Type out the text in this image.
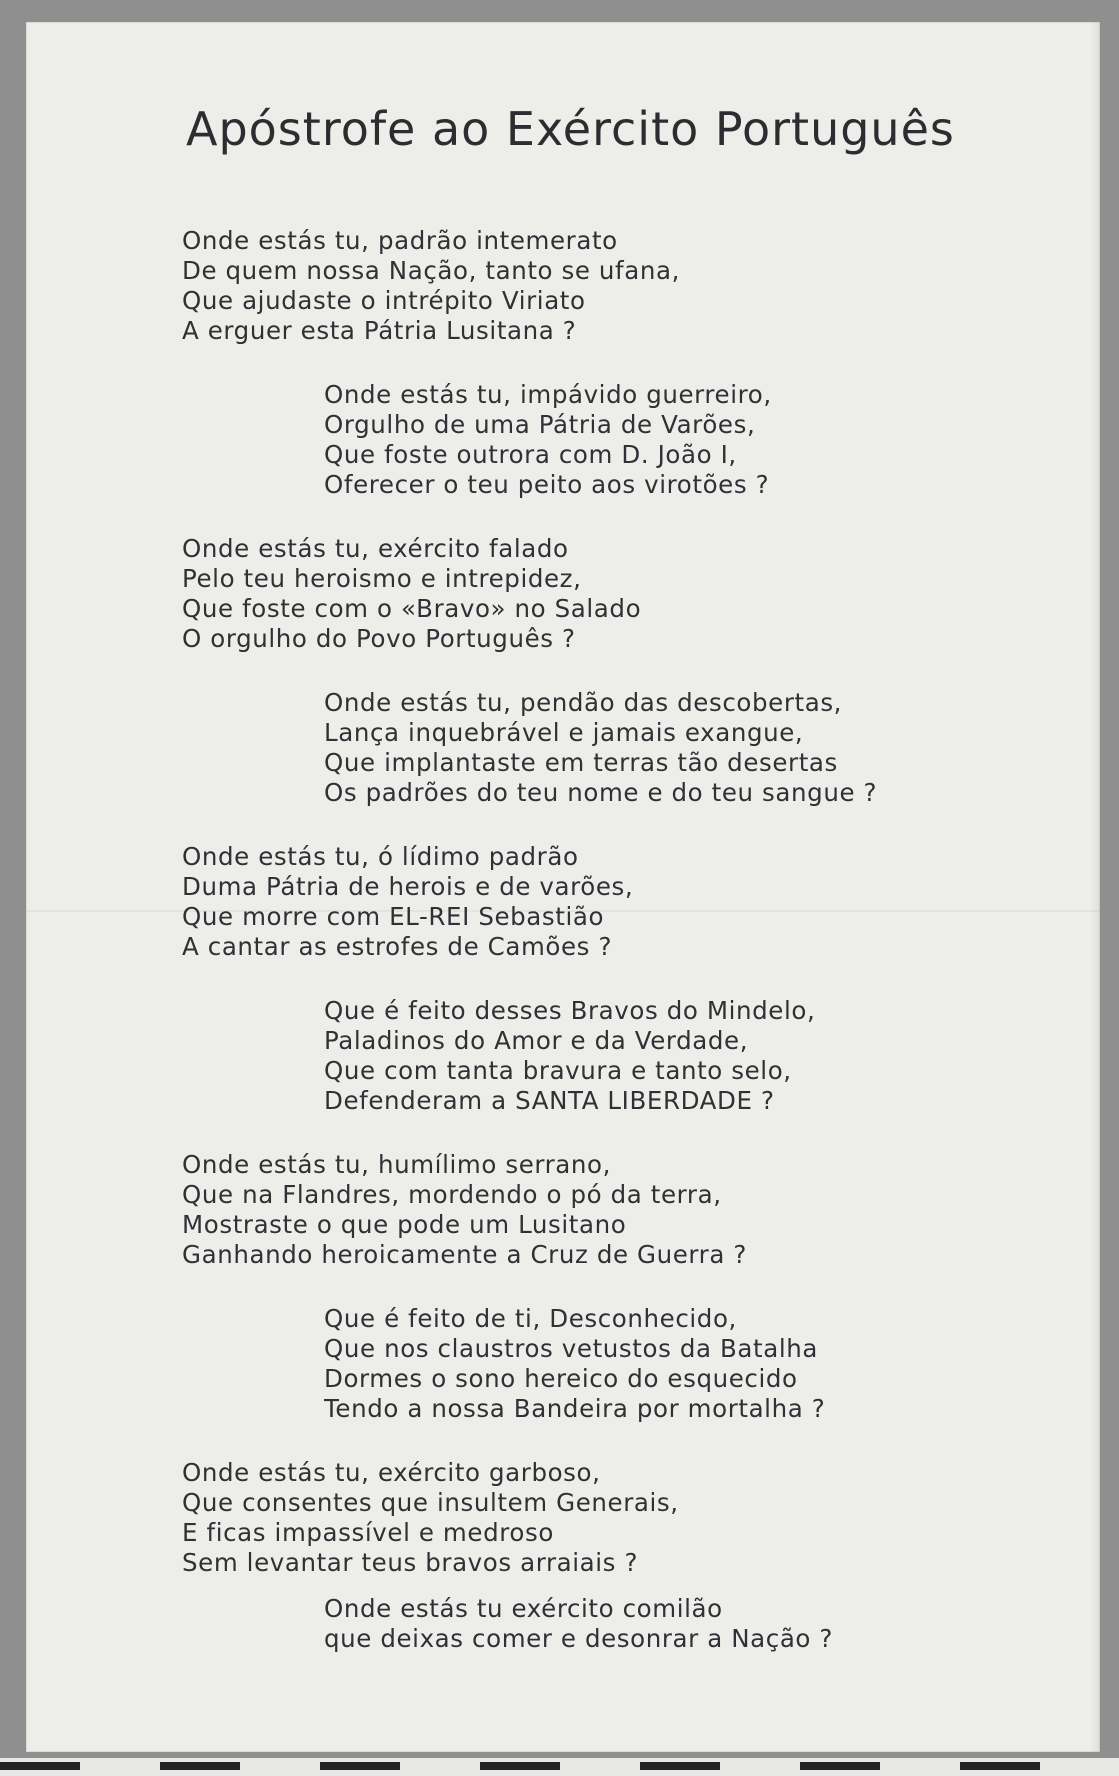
Apóstrofe ao Exército Português

Onde estás tu, padrão intemerato
De quem nossa Nação, tanto se ufana,
Que ajudaste o intrépito Viriato
A erguer esta Pátria Lusitana ?

Onde estás tu, impávido guerreiro,
Orgulho de uma Pátria de Varões,
Que foste outrora com D. João I,
Oferecer o teu peito aos virotões ?

Onde estás tu, exército falado
Pelo teu heroismo e intrepidez,
Que foste com o «Bravo» no Salado
O orgulho do Povo Português ?

Onde estás tu, pendão das descobertas,
Lança inquebrável e jamais exangue,
Que implantaste em terras tão desertas
Os padrões do teu nome e do teu sangue ?

Onde estás tu, ó lídimo padrão
Duma Pátria de herois e de varões,
Que morre com EL-REI Sebastião
A cantar as estrofes de Camões ?

Que é feito desses Bravos do Mindelo,
Paladinos do Amor e da Verdade,
Que com tanta bravura e tanto selo,
Defenderam a SANTA LIBERDADE ?

Onde estás tu, humílimo serrano,
Que na Flandres, mordendo o pó da terra,
Mostraste o que pode um Lusitano
Ganhando heroicamente a Cruz de Guerra ?

Que é feito de ti, Desconhecido,
Que nos claustros vetustos da Batalha
Dormes o sono hereico do esquecido
Tendo a nossa Bandeira por mortalha ?

Onde estás tu, exército garboso,
Que consentes que insultem Generais,
E ficas impassível e medroso
Sem levantar teus bravos arraiais ?

Onde estás tu exército comilão
que deixas comer e desonrar a Nação ?
